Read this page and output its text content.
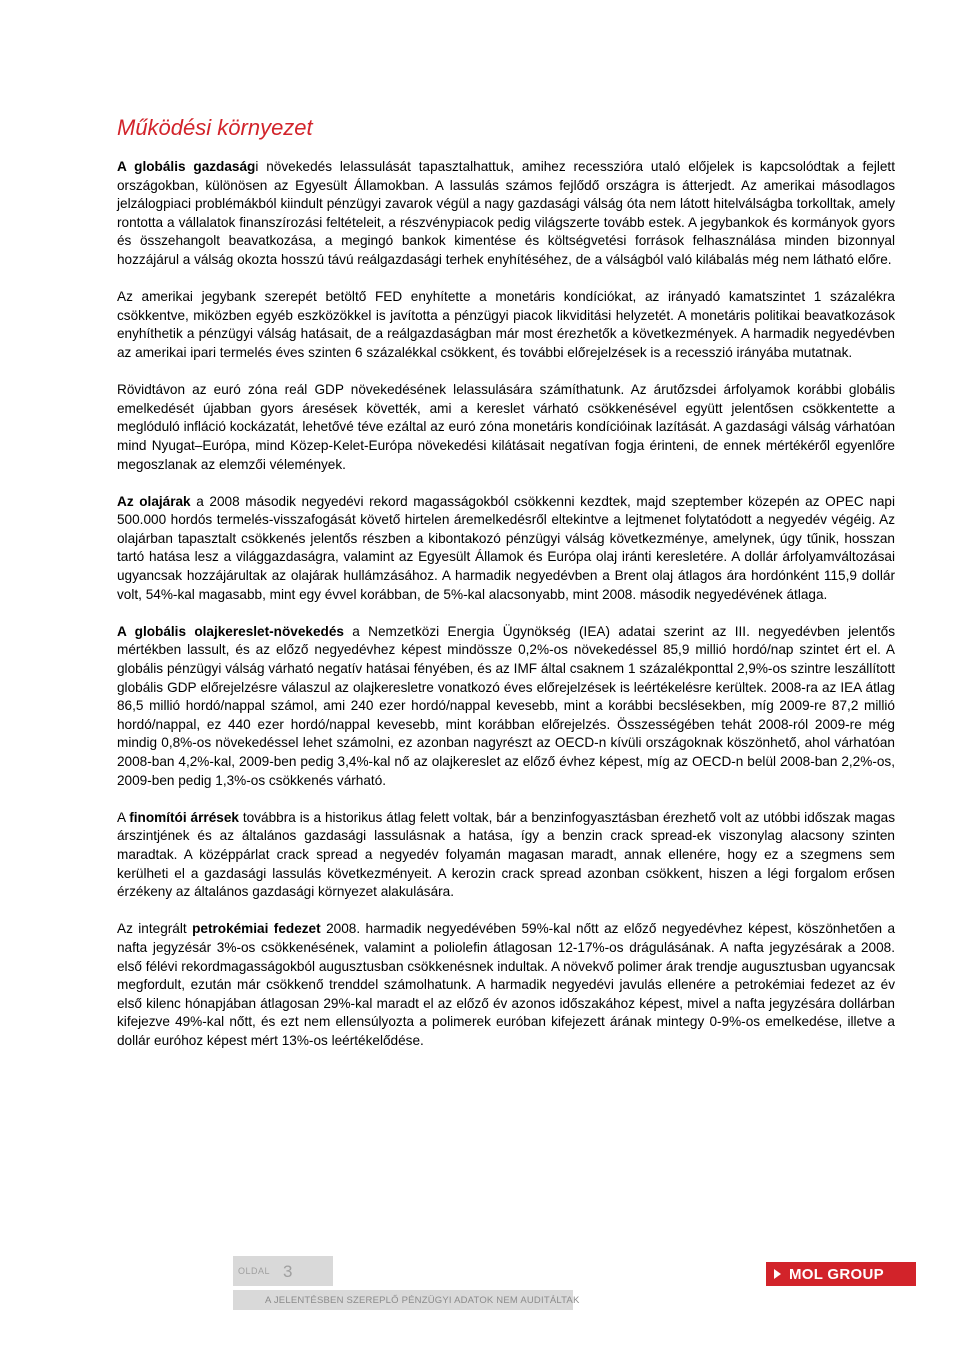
Működési környezet

A globális gazdasági növekedés lelassulását tapasztalhattuk, amihez recesszióra utaló előjelek is kapcsolódtak a fejlett országokban, különösen az Egyesült Államokban. A lassulás számos fejlődő országra is átterjedt. Az amerikai másodlagos jelzálogpiaci problémákból kiindult pénzügyi zavarok végül a nagy gazdasági válság óta nem látott hitelválságba torkolltak, amely rontotta a vállalatok finanszírozási feltételeit, a részvénypiacok pedig világszerte tovább estek. A jegybankok és kormányok gyors és összehangolt beavatkozása, a megingó bankok kimentése és költségvetési források felhasználása minden bizonnyal hozzájárul a válság okozta hosszú távú reálgazdasági terhek enyhítéséhez, de a válságból való kilábalás még nem látható előre.

Az amerikai jegybank szerepét betöltő FED enyhítette a monetáris kondíciókat, az irányadó kamatszintet 1 százalékra csökkentve, miközben egyéb eszközökkel is javította a pénzügyi piacok likviditási helyzetét. A monetáris politikai beavatkozások enyhíthetik a pénzügyi válság hatásait, de a reálgazdaságban már most érezhetők a következmények. A harmadik negyedévben az amerikai ipari termelés éves szinten 6 százalékkal csökkent, és további előrejelzések is a recesszió irányába mutatnak.

Rövidtávon az euró zóna reál GDP növekedésének lelassulására számíthatunk. Az árutőzsdei árfolyamok korábbi globális emelkedését újabban gyors áresések követték, ami a kereslet várható csökkenésével együtt jelentősen csökkentette a meglóduló infláció kockázatát, lehetővé téve ezáltal az euró zóna monetáris kondícióinak lazítását. A gazdasági válság várhatóan mind Nyugat–Európa, mind Közep-Kelet-Európa növekedési kilátásait negatívan fogja érinteni, de ennek mértékéről egyenlőre megoszlanak az elemzői vélemények.

Az olajárak a 2008 második negyedévi rekord magasságokból csökkenni kezdtek, majd szeptember közepén az OPEC napi 500.000 hordós termelés-visszafogását követő hirtelen áremelkedésről eltekintve a lejtmenet folytatódott a negyedév végéig. Az olajárban tapasztalt csökkenés jelentős részben a kibontakozó pénzügyi válság következménye, amelynek, úgy tűnik, hosszan tartó hatása lesz a világgazdaságra, valamint az Egyesült Államok és Európa olaj iránti keresletére. A dollár árfolyamváltozásai ugyancsak hozzájárultak az olajárak hullámzásához. A harmadik negyedévben a Brent olaj átlagos ára hordónként 115,9 dollár volt, 54%-kal magasabb, mint egy évvel korábban, de 5%-kal alacsonyabb, mint 2008. második negyedévének átlaga.

A globális olajkereslet-növekedés a Nemzetközi Energia Ügynökség (IEA) adatai szerint az III. negyedévben jelentős mértékben lassult, és az előző negyedévhez képest mindössze 0,2%-os növekedéssel 85,9 millió hordó/nap szintet ért el. A globális pénzügyi válság várható negatív hatásai fényében, és az IMF által csaknem 1 százalékponttal 2,9%-os szintre leszállított globális GDP előrejelzésre válaszul az olajkeresletre vonatkozó éves előrejelzések is leértékelésre kerültek. 2008-ra az IEA átlag 86,5 millió hordó/nappal számol, ami 240 ezer hordó/nappal kevesebb, mint a korábbi becslésekben, míg 2009-re 87,2 millió hordó/nappal, ez 440 ezer hordó/nappal kevesebb, mint korábban előrejelzés. Összességében tehát 2008-ról 2009-re még mindig 0,8%-os növekedéssel lehet számolni, ez azonban nagyrészt az OECD-n kívüli országoknak köszönhető, ahol várhatóan 2008-ban 4,2%-kal, 2009-ben pedig 3,4%-kal nő az olajkereslet az előző évhez képest, míg az OECD-n belül 2008-ban 2,2%-os, 2009-ben pedig 1,3%-os csökkenés várható.

A finomítói árrések továbbra is a historikus átlag felett voltak, bár a benzinfogyasztásban érezhető volt az utóbbi időszak magas árszintjének és az általános gazdasági lassulásnak a hatása, így a benzin crack spread-ek viszonylag alacsony szinten maradtak. A középpárlat crack spread a negyedév folyamán magasan maradt, annak ellenére, hogy ez a szegmens sem kerülheti el a gazdasági lassulás következményeit. A kerozin crack spread azonban csökkent, hiszen a légi forgalom erősen érzékeny az általános gazdasági környezet alakulására.

Az integrált petrokémiai fedezet 2008. harmadik negyedévében 59%-kal nőtt az előző negyedévhez képest, köszönhetően a nafta jegyzésár 3%-os csökkenésének, valamint a poliolefin átlagosan 12-17%-os drágulásának. A nafta jegyzésárak a 2008. első félévi rekordmagasságokból augusztusban csökkenésnek indultak. A növekvő polimer árak trendje augusztusban ugyancsak megfordult, ezután már csökkenő trenddel számolhatunk. A harmadik negyedévi javulás ellenére a petrokémiai fedezet az év első kilenc hónapjában átlagosan 29%-kal maradt el az előző év azonos időszakához képest, mivel a nafta jegyzésára dollárban kifejezve 49%-kal nőtt, és ezt nem ellensúlyozta a polimerek euróban kifejezett árának mintegy 0-9%-os emelkedése, illetve a dollár euróhoz képest mért 13%-os leértékelődése.

OLDAL 3
A JELENTÉSBEN SZEREPLŐ PÉNZÜGYI ADATOK NEM AUDITÁLTAK
MOL GROUP
